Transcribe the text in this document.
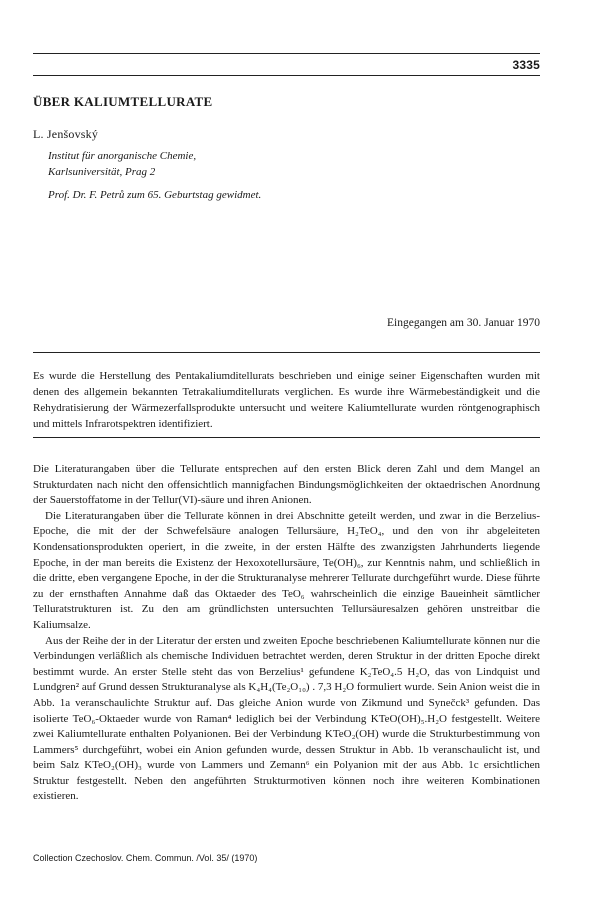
3335
ÜBER KALIUMTELLURATE
L. Jenšovský
Institut für anorganische Chemie,
Karlsuniversität, Prag 2
Prof. Dr. F. Petrů zum 65. Geburtstag gewidmet.
Eingegangen am 30. Januar 1970

Es wurde die Herstellung des Pentakaliumditellurats beschrieben und einige seiner Eigenschaften wurden mit denen des allgemein bekannten Tetrakaliumditellurats verglichen. Es wurde ihre Wärmebeständigkeit und die Rehydratisierung der Wärmezerfallsprodukte untersucht und weitere Kaliumtellurate wurden röntgenographisch und mittels Infrarotspektren identifiziert.

Die Literaturangaben über die Tellurate entsprechen auf den ersten Blick deren Zahl und dem Mangel an Strukturdaten nach nicht den offensichtlich mannigfachen Bindungsmöglichkeiten der oktaedrischen Anordnung der Sauerstoffatome in der Tellur(VI)-säure und ihren Anionen.

Die Literaturangaben über die Tellurate können in drei Abschnitte geteilt werden, und zwar in die Berzelius-Epoche, die mit der der Schwefelsäure analogen Tellursäure, H₂TeO₄, und den von ihr abgeleiteten Kondensationsprodukten operiert, in die zweite, in der ersten Hälfte des zwanzigsten Jahrhunderts liegende Epoche, in der man bereits die Existenz der Hexoxotellursäure, Te(OH)₆, zur Kenntnis nahm, und schließlich in die dritte, eben vergangene Epoche, in der die Strukturanalyse mehrerer Tellurate durchgeführt wurde. Diese führte zu der ernsthaften Annahme daß das Oktaeder des TeO₆ wahrscheinlich die einzige Baueinheit sämtlicher Telluratstrukturen ist. Zu den am gründlichsten untersuchten Tellursäuresalzen gehören unstreitbar die Kaliumsalze.

Aus der Reihe der in der Literatur der ersten und zweiten Epoche beschriebenen Kaliumtellurate können nur die Verbindungen verläßlich als chemische Individuen betrachtet werden, deren Struktur in der dritten Epoche direkt bestimmt wurde. An erster Stelle steht das von Berzelius¹ gefundene K₂TeO₄.5 H₂O, das von Lindquist und Lundgren² auf Grund dessen Strukturanalyse als K₄H₄(Te₂O₁₀) . 7,3 H₂O formuliert wurde. Sein Anion weist die in Abb. 1a veranschaulichte Struktur auf. Das gleiche Anion wurde von Zikmund und Synečck³ gefunden. Das isolierte TeO₆-Oktaeder wurde von Raman⁴ lediglich bei der Verbindung KTeO(OH)₅.H₂O festgestellt. Weitere zwei Kaliumtellurate enthalten Polyanionen. Bei der Verbindung KTeO₂(OH) wurde die Strukturbestimmung von Lammers⁵ durchgeführt, wobei ein Anion gefunden wurde, dessen Struktur in Abb. 1b veranschaulicht ist, und beim Salz KTeO₂(OH)₃ wurde von Lammers und Zemann⁶ ein Polyanion mit der aus Abb. 1c ersichtlichen Struktur festgestellt. Neben den angeführten Strukturmotiven können noch ihre weiteren Kombinationen existieren.

Collection Czechoslov. Chem. Commun. /Vol. 35/ (1970)
